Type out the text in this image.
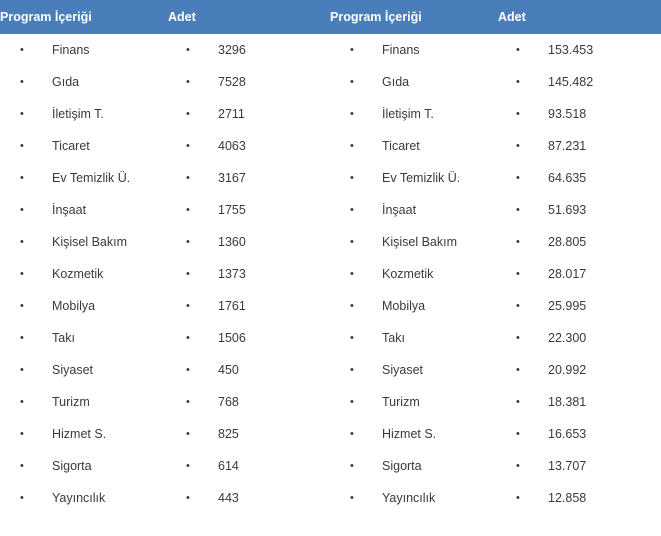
Program İçeriği	Adet	Program İçeriği	Adet

• Finans	• 3296	• Finans	• 153.453

• Gıda	• 7528	• Gıda	• 145.482

• İletişim T.	• 2711	• İletişim T.	• 93.518

• Ticaret	• 4063	• Ticaret	• 87.231

• Ev Temizlik Ü.	• 3167	• Ev Temizlik Ü.	• 64.635

• İnşaat	• 1755	• İnşaat	• 51.693

• Kişisel Bakım	• 1360	• Kişisel Bakım	• 28.805

• Kozmetik	• 1373	• Kozmetik	• 28.017

• Mobilya	• 1761	• Mobilya	• 25.995

• Takı	• 1506	• Takı	• 22.300

• Siyaset	• 450	• Siyaset	• 20.992

• Turizm	• 768	• Turizm	• 18.381

• Hizmet S.	• 825	• Hizmet S.	• 16.653

• Sigorta	• 614	• Sigorta	• 13.707

• Yayıncılık	• 443	• Yayıncılık	• 12.858
